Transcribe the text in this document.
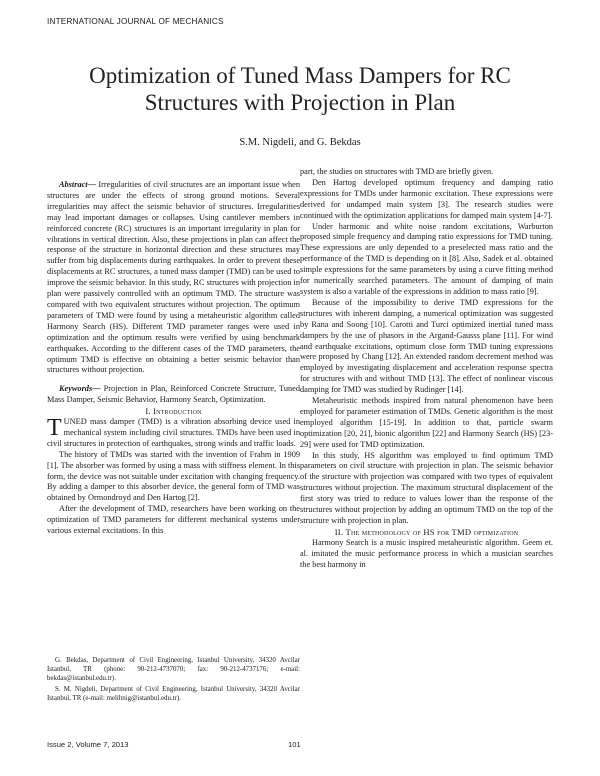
INTERNATIONAL JOURNAL OF MECHANICS
Optimization of Tuned Mass Dampers for RC Structures with Projection in Plan
S.M. Nigdeli, and G. Bekdas

Abstract— Irregularities of civil structures are an important issue when structures are under the effects of strong ground motions. Several irregularities may affect the seismic behavior of structures. Irregularities may lead important damages or collapses. Using cantilever members in reinforced concrete (RC) structures is an important irregularity in plan for vibrations in vertical direction. Also, these projections in plan can affect the response of the structure in horizontal direction and these structures may suffer from big displacements during earthquakes. In order to prevent these displacements at RC structures, a tuned mass damper (TMD) can be used to improve the seismic behavior. In this study, RC structures with projection in plan were passively controlled with an optimum TMD. The structure was compared with two equivalent structures without projection. The optimum parameters of TMD were found by using a metaheuristic algorithm called Harmony Search (HS). Different TMD parameter ranges were used in optimization and the optimum results were verified by using benchmark earthquakes. According to the different cases of the TMD parameters, the optimum TMD is effective on obtaining a better seismic behavior than structures without projection.

Keywords— Projection in Plan, Reinforced Concrete Structure, Tuned Mass Damper, Seismic Behavior, Harmony Search, Optimization.

I. Introduction

TUNED mass damper (TMD) is a vibration absorbing device used in mechanical system including civil structures. TMDs have been used in civil structures in protection of earthquakes, strong winds and traffic loads.

The history of TMDs was started with the invention of Frahm in 1909 [1]. The absorber was formed by using a mass with stiffness element. In this form, the device was not suitable under excitation with changing frequency. By adding a damper to this absorber device, the general form of TMD was obtained by Ormondroyd and Den Hartog [2].

After the development of TMD, researchers have been working on the optimization of TMD parameters for different mechanical systems under various external excitations. In this

G. Bekdas, Department of Civil Engineering, Istanbul University, 34320 Avcilar Istanbul, TR (phone: 90-212-4737070; fax: 90-212-4737176; e-mail: bekdas@istanbul.edu.tr).

S. M. Nigdeli, Department of Civil Engineering, Istanbul University, 34320 Avcilar Istanbul, TR (e-mail: melihnig@istanbul.edu.tr).

part, the studies on structures with TMD are briefly given.

Den Hartog developed optimum frequency and damping ratio expressions for TMDs under harmonic excitation. These expressions were derived for undamped main system [3]. The research studies were continued with the optimization applications for damped main system [4-7].

Under harmonic and white noise random excitations, Warburton proposed simple frequency and damping ratio expressions for TMD tuning. These expressions are only depended to a preselected mass ratio and the performance of the TMD is depending on it [8]. Also, Sadek et al. obtained simple expressions for the same parameters by using a curve fitting method for numerically searched parameters. The amount of damping of main system is also a variable of the expressions in addition to mass ratio [9].

Because of the impossibility to derive TMD expressions for the structures with inherent damping, a numerical optimization was suggested by Rana and Soong [10]. Carotti and Turci optimized inertial tuned mass dampers by the use of phasors in the Argand-Gausss plane [11]. For wind and earthquake excitations, optimum close form TMD tuning expressions were proposed by Chang [12]. An extended random decrement method was employed by investigating displacement and acceleration response spectra for structures with and without TMD [13]. The effect of nonlinear viscous damping for TMD was studied by Rudinger [14].

Metaheuristic methods inspired from natural phenomenon have been employed for parameter estimation of TMDs. Genetic algorithm is the most employed algorithm [15-19]. In addition to that, particle swarm optimization [20, 21], bionic algorithm [22] and Harmony Search (HS) [23-29] were used for TMD optimization.

In this study, HS algorithm was employed to find optimum TMD parameters on civil structure with projection in plan. The seismic behavior of the structure with projection was compared with two types of equivalent structures without projection. The maximum structural displacement of the first story was tried to reduce to values lower than the response of the structures without projection by adding an optimum TMD on the top of the structure with projection in plan.

II. The methodology of HS for TMD optimization

Harmony Search is a music inspired metaheuristic algorithm. Geem et. al. imitated the music performance process in which a musician searches the best harmony in

Issue 2, Volume 7, 2013	101
